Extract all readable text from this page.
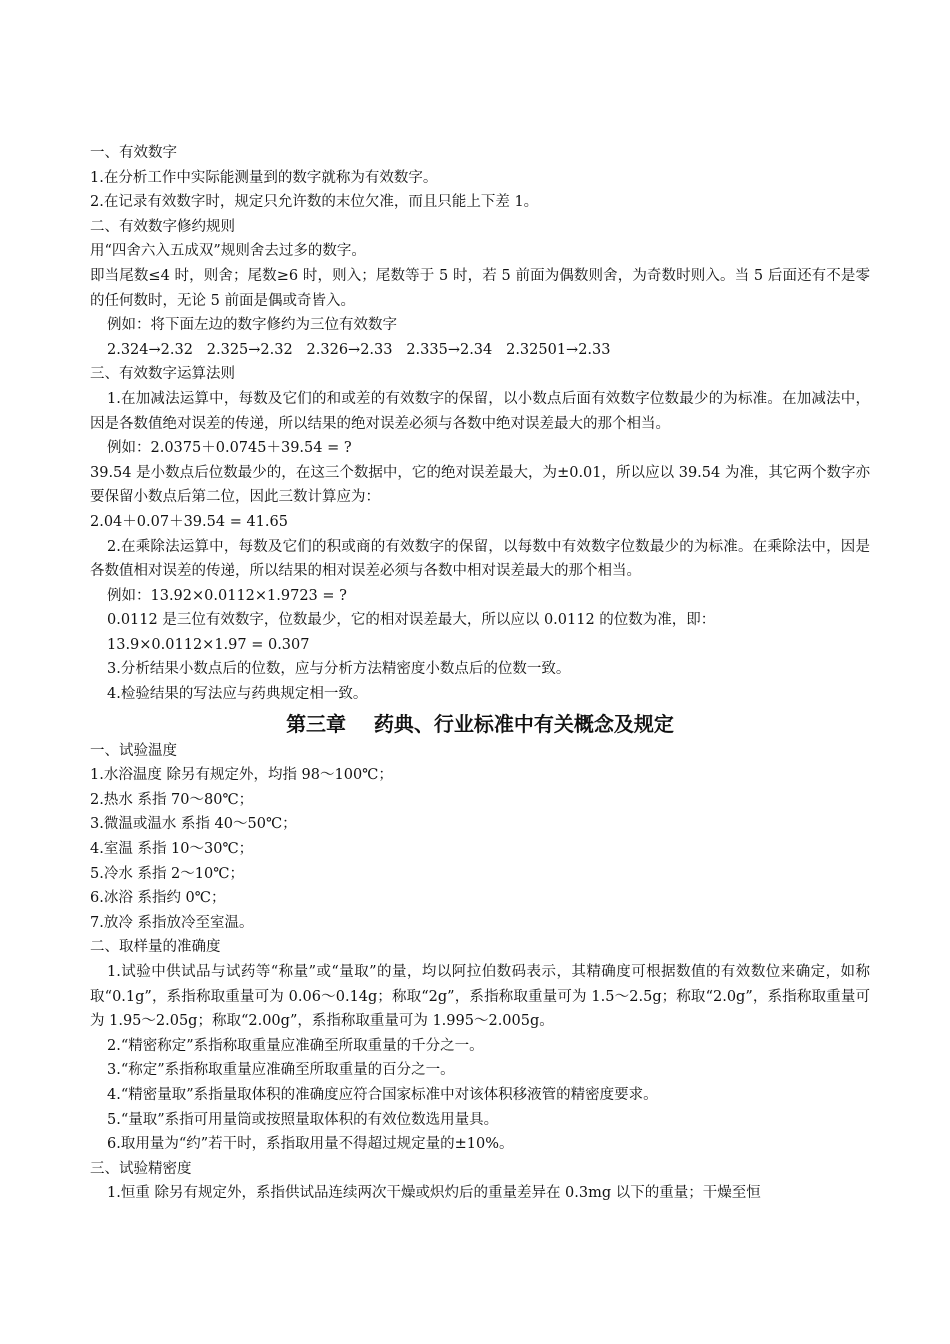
一、有效数字
1.在分析工作中实际能测量到的数字就称为有效数字。
2.在记录有效数字时，规定只允许数的末位欠准，而且只能上下差 1。
二、有效数字修约规则
用“四舍六入五成双”规则舍去过多的数字。
即当尾数≤4 时，则舍；尾数≥6 时，则入；尾数等于 5 时，若 5 前面为偶数则舍，为奇数时则入。当 5 后面还有不是零的任何数时，无论 5 前面是偶或奇皆入。
例如：将下面左边的数字修约为三位有效数字
2.324→2.32   2.325→2.32   2.326→2.33   2.335→2.34   2.32501→2.33
三、有效数字运算法则
1.在加减法运算中，每数及它们的和或差的有效数字的保留，以小数点后面有效数字位数最少的为标准。在加减法中，因是各数值绝对误差的传递，所以结果的绝对误差必须与各数中绝对误差最大的那个相当。
例如：2.0375＋0.0745＋39.54 = ?
39.54 是小数点后位数最少的，在这三个数据中，它的绝对误差最大，为±0.01，所以应以 39.54 为准，其它两个数字亦要保留小数点后第二位，因此三数计算应为：
2.04＋0.07＋39.54 = 41.65
2.在乘除法运算中，每数及它们的积或商的有效数字的保留，以每数中有效数字位数最少的为标准。在乘除法中，因是各数值相对误差的传递，所以结果的相对误差必须与各数中相对误差最大的那个相当。
例如：13.92×0.0112×1.9723 = ?
0.0112 是三位有效数字，位数最少，它的相对误差最大，所以应以 0.0112 的位数为准，即：
13.9×0.0112×1.97 = 0.307
3.分析结果小数点后的位数，应与分析方法精密度小数点后的位数一致。
4.检验结果的写法应与药典规定相一致。
第三章    药典、行业标准中有关概念及规定
一、试验温度
1.水浴温度 除另有规定外，均指 98～100℃；
2.热水 系指 70～80℃；
3.微温或温水 系指 40～50℃；
4.室温 系指 10～30℃；
5.冷水 系指 2～10℃；
6.冰浴 系指约 0℃；
7.放冷 系指放冷至室温。
二、取样量的准确度
1.试验中供试品与试药等“称量”或“量取”的量，均以阿拉伯数码表示，其精确度可根据数值的有效数位来确定，如称取“0.1g”，系指称取重量可为 0.06～0.14g；称取“2g”，系指称取重量可为 1.5～2.5g；称取“2.0g”，系指称取重量可为 1.95～2.05g；称取“2.00g”，系指称取重量可为 1.995～2.005g。
2.“精密称定”系指称取重量应准确至所取重量的千分之一。
3.“称定”系指称取重量应准确至所取重量的百分之一。
4.“精密量取”系指量取体积的准确度应符合国家标准中对该体积移液管的精密度要求。
5.“量取”系指可用量筒或按照量取体积的有效位数选用量具。
6.取用量为“约”若干时，系指取用量不得超过规定量的±10%。
三、试验精密度
1.恒重 除另有规定外，系指供试品连续两次干燥或炽灼后的重量差异在 0.3mg 以下的重量；干燥至恒
